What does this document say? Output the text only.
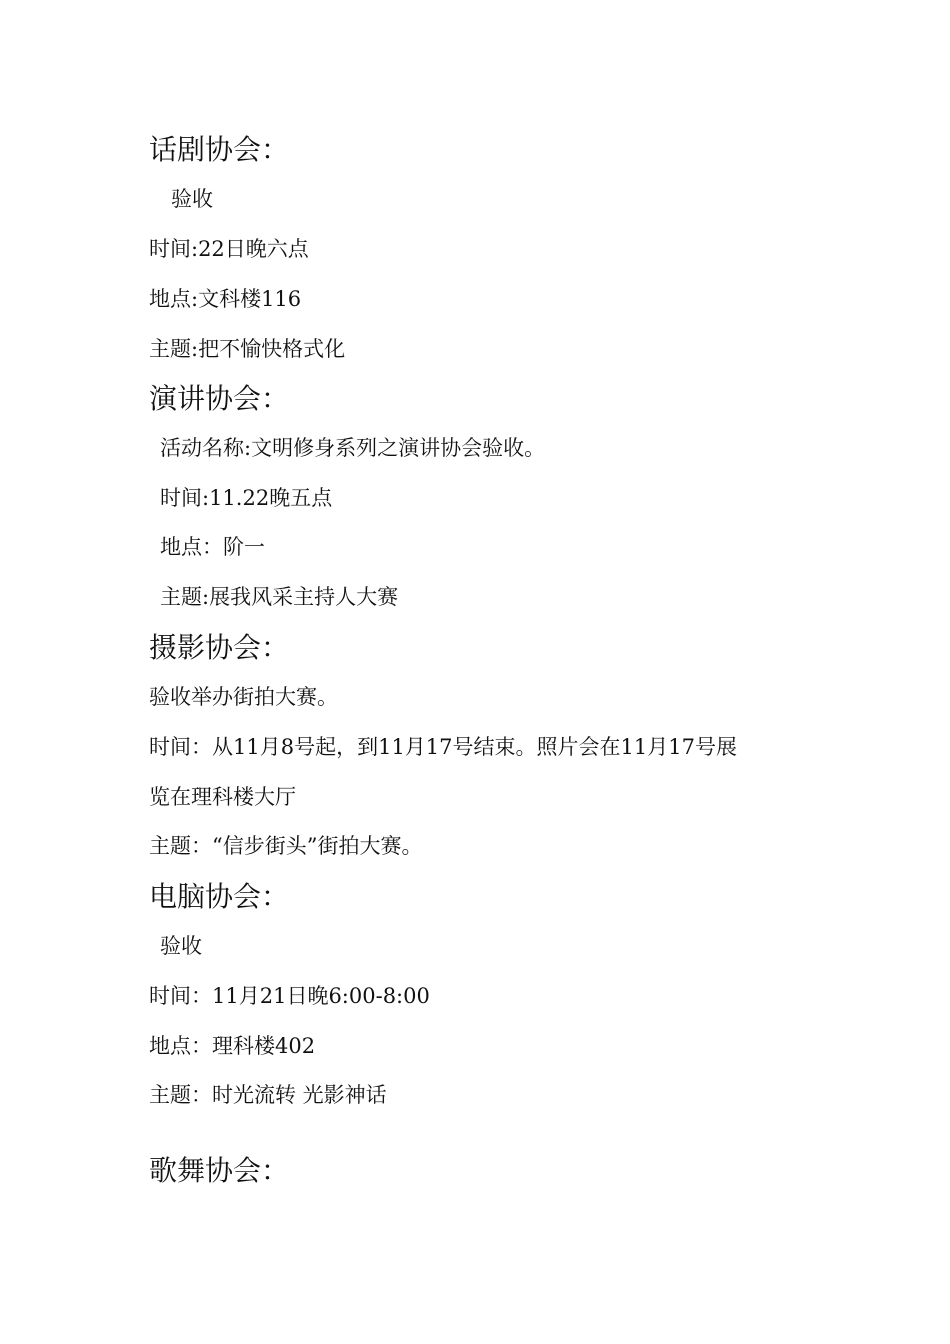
话剧协会：
验收
时间:22日晚六点
地点:文科楼116
主题:把不愉快格式化
演讲协会：
活动名称:文明修身系列之演讲协会验收。
时间:11.22晚五点
地点：阶一
主题:展我风采主持人大赛
摄影协会：
验收举办街拍大赛。
时间：从11月8号起，到11月17号结束。照片会在11月17号展
览在理科楼大厅
主题：“信步街头”街拍大赛。
电脑协会：
验收
时间：11月21日晚6:00-8:00
地点：理科楼402
主题：时光流转 光影神话
歌舞协会：
